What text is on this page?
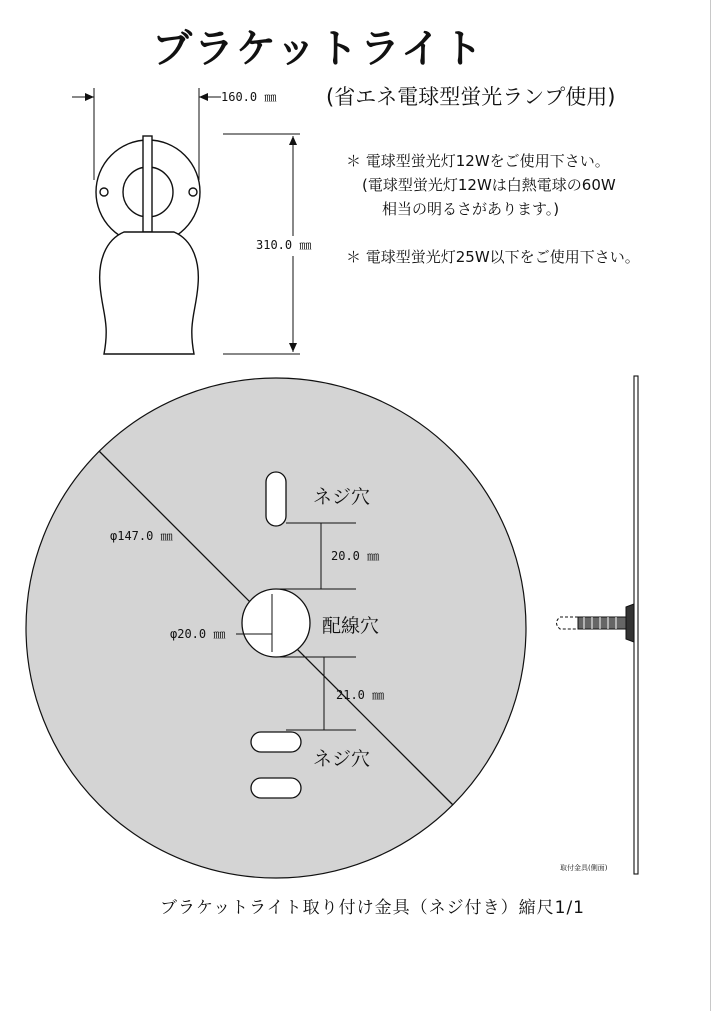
ブラケットライト
(省エネ電球型蛍光ランプ使用)
＊ 電球型蛍光灯12Wをご使用下さい。
(電球型蛍光灯12Wは白熱電球の60W
相当の明るさがあります。)
＊ 電球型蛍光灯25W以下をご使用下さい。
160.0 ㎜
310.0 ㎜
φ147.0 ㎜
φ20.0 ㎜
20.0 ㎜
21.0 ㎜
ネジ穴
配線穴
ネジ穴
取付金具(側面)
ブラケットライト取り付け金具（ネジ付き）縮尺1/1
